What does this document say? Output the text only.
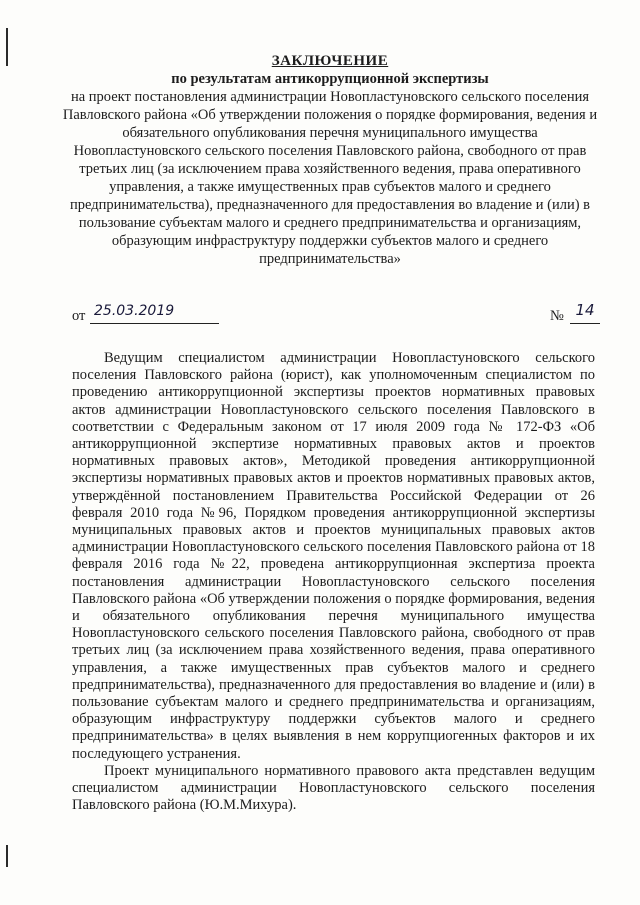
ЗАКЛЮЧЕНИЕ
по результатам антикоррупционной экспертизы
на проект постановления администрации Новопластуновского сельского поселения Павловского района «Об утверждении положения о порядке формирования, ведения и обязательного опубликования перечня муниципального имущества Новопластуновского сельского поселения Павловского района, свободного от прав третьих лиц (за исключением права хозяйственного ведения, права оперативного управления, а также имущественных прав субъектов малого и среднего предпринимательства), предназначенного для предоставления во владение и (или) в пользование субъектам малого и среднего предпринимательства и организациям, образующим инфраструктуру поддержки субъектов малого и среднего предпринимательства»
от 25.03.2019	№ 14

Ведущим специалистом администрации Новопластуновского сельского поселения Павловского района (юрист), как уполномоченным специалистом по проведению антикоррупционной экспертизы проектов нормативных правовых актов администрации Новопластуновского сельского поселения Павловского в соответствии с Федеральным законом от 17 июля 2009 года № 172-ФЗ «Об антикоррупционной экспертизе нормативных правовых актов и проектов нормативных правовых актов», Методикой проведения антикоррупционной экспертизы нормативных правовых актов и проектов нормативных правовых актов, утверждённой постановлением Правительства Российской Федерации от 26 февраля 2010 года №96, Порядком проведения антикоррупционной экспертизы муниципальных правовых актов и проектов муниципальных правовых актов администрации Новопластуновского сельского поселения Павловского района от 18 февраля 2016 года №22, проведена антикоррупционная экспертиза проекта постановления администрации Новопластуновского сельского поселения Павловского района «Об утверждении положения о порядке формирования, ведения и обязательного опубликования перечня муниципального имущества Новопластуновского сельского поселения Павловского района, свободного от прав третьих лиц (за исключением права хозяйственного ведения, права оперативного управления, а также имущественных прав субъектов малого и среднего предпринимательства), предназначенного для предоставления во владение и (или) в пользование субъектам малого и среднего предпринимательства и организациям, образующим инфраструктуру поддержки субъектов малого и среднего предпринимательства» в целях выявления в нем коррупциогенных факторов и их последующего устранения.

Проект муниципального нормативного правового акта представлен ведущим специалистом администрации Новопластуновского сельского поселения Павловского района (Ю.М.Михура).
